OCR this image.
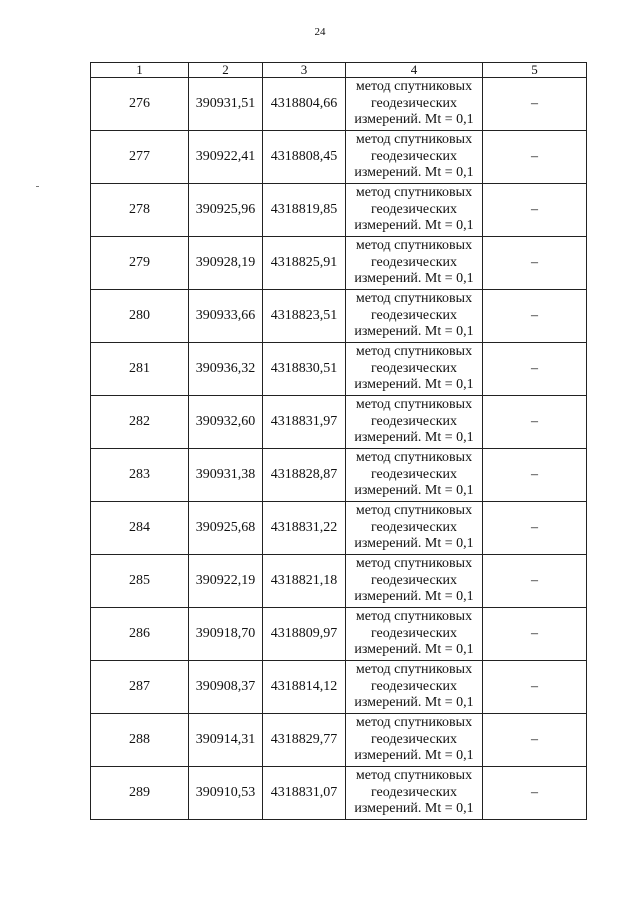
24
1	2	3	4	5
276	390931,51	4318804,66	метод спутниковых
геодезических
измерений. Mt = 0,1	–
277	390922,41	4318808,45	метод спутниковых
геодезических
измерений. Mt = 0,1	–
278	390925,96	4318819,85	метод спутниковых
геодезических
измерений. Mt = 0,1	–
279	390928,19	4318825,91	метод спутниковых
геодезических
измерений. Mt = 0,1	–
280	390933,66	4318823,51	метод спутниковых
геодезических
измерений. Mt = 0,1	–
281	390936,32	4318830,51	метод спутниковых
геодезических
измерений. Mt = 0,1	–
282	390932,60	4318831,97	метод спутниковых
геодезических
измерений. Mt = 0,1	–
283	390931,38	4318828,87	метод спутниковых
геодезических
измерений. Mt = 0,1	–
284	390925,68	4318831,22	метод спутниковых
геодезических
измерений. Mt = 0,1	–
285	390922,19	4318821,18	метод спутниковых
геодезических
измерений. Mt = 0,1	–
286	390918,70	4318809,97	метод спутниковых
геодезических
измерений. Mt = 0,1	–
287	390908,37	4318814,12	метод спутниковых
геодезических
измерений. Mt = 0,1	–
288	390914,31	4318829,77	метод спутниковых
геодезических
измерений. Mt = 0,1	–
289	390910,53	4318831,07	метод спутниковых
геодезических
измерений. Mt = 0,1	–
